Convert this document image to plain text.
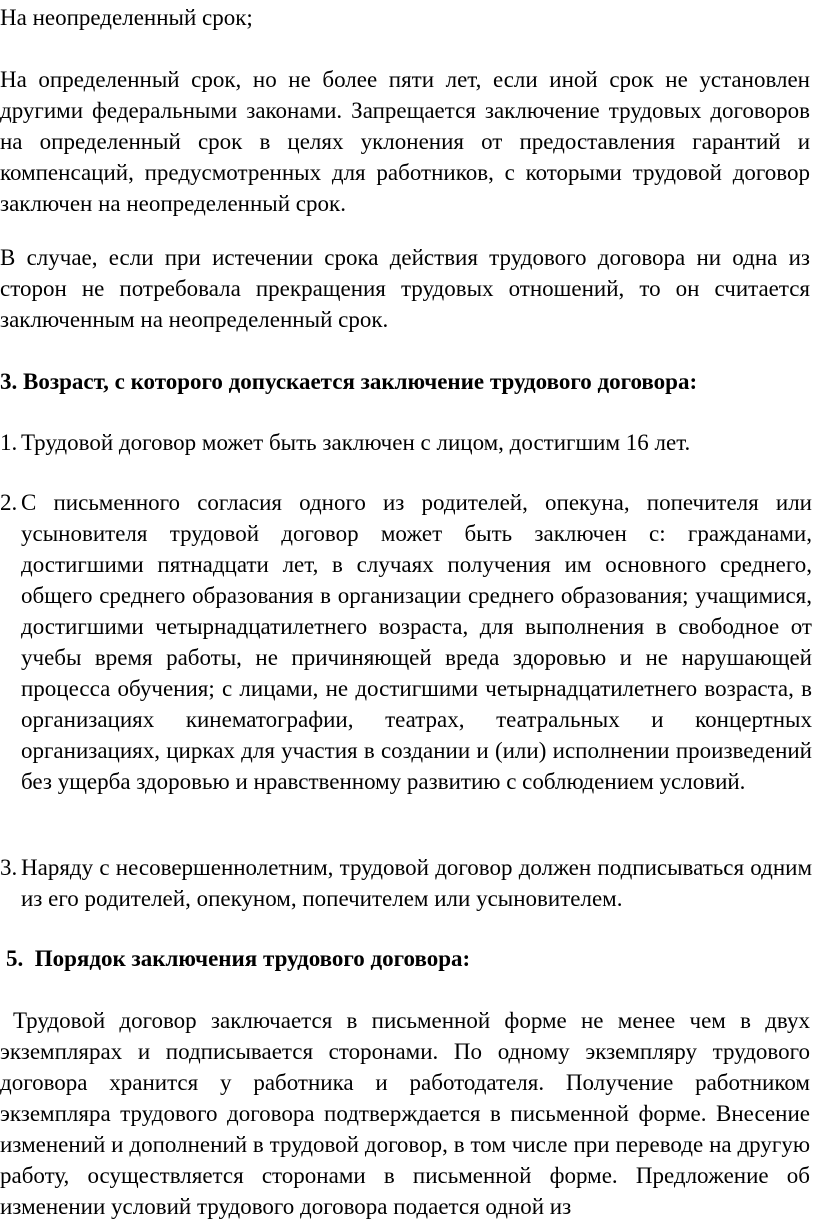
На неопределенный срок;

На определенный срок, но не более пяти лет, если иной срок не установлен другими федеральными законами. Запрещается заключение трудовых договоров на определенный срок в целях уклонения от предоставления гарантий и компенсаций, предусмотренных для работников, с которыми трудовой договор заключен на неопределенный срок.

В случае, если при истечении срока действия трудового договора ни одна из сторон не потребовала прекращения трудовых отношений, то он считается заключенным на неопределенный срок.

3. Возраст, с которого допускается заключение трудового договора:

1. Трудовой договор может быть заключен с лицом, достигшим 16 лет.
2. С письменного согласия одного из родителей, опекуна, попечителя или усыновителя трудовой договор может быть заключен с: гражданами, достигшими пятнадцати лет, в случаях получения им основного среднего, общего среднего образования в организации среднего образования; учащимися, достигшими четырнадцатилетнего возраста, для выполнения в свободное от учебы время работы, не причиняющей вреда здоровью и не нарушающей процесса обучения; с лицами, не достигшими четырнадцатилетнего возраста, в организациях кинематографии, театрах, театральных и концертных организациях, цирках для участия в создании и (или) исполнении произведений без ущерба здоровью и нравственному развитию с соблюдением условий.
3. Наряду с несовершеннолетним, трудовой договор должен подписываться одним из его родителей, опекуном, попечителем или усыновителем.

5.  Порядок заключения трудового договора:

Трудовой договор заключается в письменной форме не менее чем в двух экземплярах и подписывается сторонами. По одному экземпляру трудового договора хранится у работника и работодателя. Получение работником экземпляра трудового договора подтверждается в письменной форме. Внесение изменений и дополнений в трудовой договор, в том числе при переводе на другую работу, осуществляется сторонами в письменной форме. Предложение об изменении условий трудового договора подается одной из
